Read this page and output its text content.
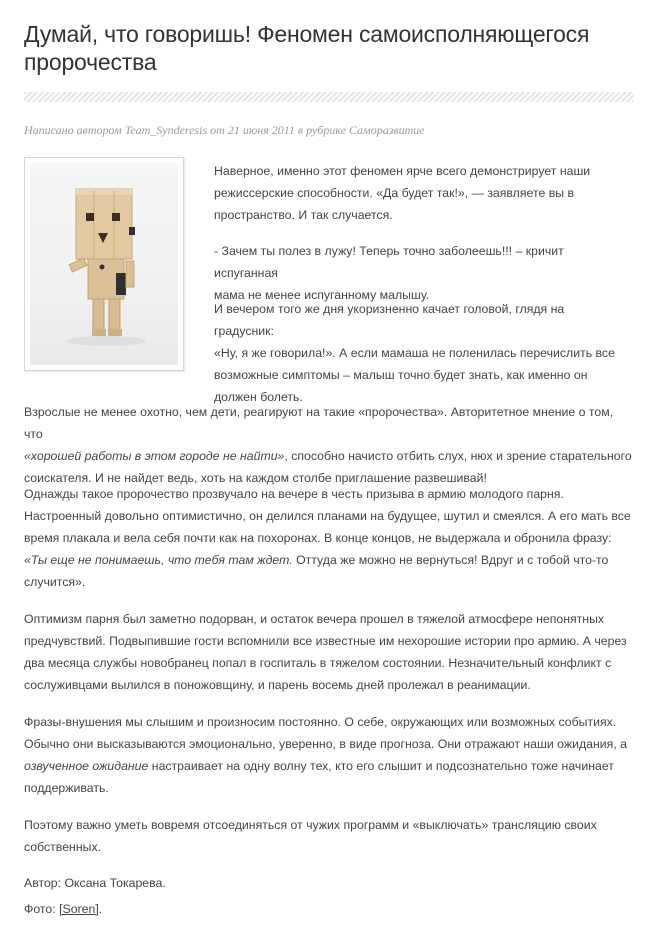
Думай, что говоришь! Феномен самоисполняющегося
пророчества
Написано автором Team_Synderesis от 21 июня 2011 в рубрике Саморазвитие

Наверное, именно этот феномен ярче всего демонстрирует наши
режиссерские способности. «Да будет так!», — заявляете вы в
пространство. И так случается.

- Зачем ты полез в лужу! Теперь точно заболеешь!!! – кричит испуганная
мама не менее испуганному малышу.

И вечером того же дня укоризненно качает головой, глядя на градусник:
«Ну, я же говорила!». А если мамаша не поленилась перечислить все
возможные симптомы – малыш точно будет знать, как именно он
должен болеть.

Взрослые не менее охотно, чем дети, реагируют на такие «пророчества». Авторитетное мнение о том, что
«хорошей работы в этом городе не найти», способно начисто отбить слух, нюх и зрение старательного
соискателя. И не найдет ведь, хоть на каждом столбе приглашение развешивай!

Однажды такое пророчество прозвучало на вечере в честь призыва в армию молодого парня.
Настроенный довольно оптимистично, он делился планами на будущее, шутил и смеялся. А его мать все
время плакала и вела себя почти как на похоронах. В конце концов, не выдержала и обронила фразу:
«Ты еще не понимаешь, что тебя там ждет. Оттуда же можно не вернуться! Вдруг и с тобой что-то
случится».

Оптимизм парня был заметно подорван, и остаток вечера прошел в тяжелой атмосфере непонятных
предчувствий. Подвыпившие гости вспомнили все известные им нехорошие истории про армию. А через
два месяца службы новобранец попал в госпиталь в тяжелом состоянии. Незначительный конфликт с
сослуживцами вылился в поножовщину, и парень восемь дней пролежал в реанимации.

Фразы-внушения мы слышим и произносим постоянно. О себе, окружающих или возможных событиях.
Обычно они высказываются эмоционально, уверенно, в виде прогноза. Они отражают наши ожидания, а
озвученное ожидание настраивает на одну волну тех, кто его слышит и подсознательно тоже начинает
поддерживать.

Поэтому важно уметь вовремя отсоединяться от чужих программ и «выключать» трансляцию своих
собственных.

Автор: Оксана Токарева.

Фото: [Soren].
